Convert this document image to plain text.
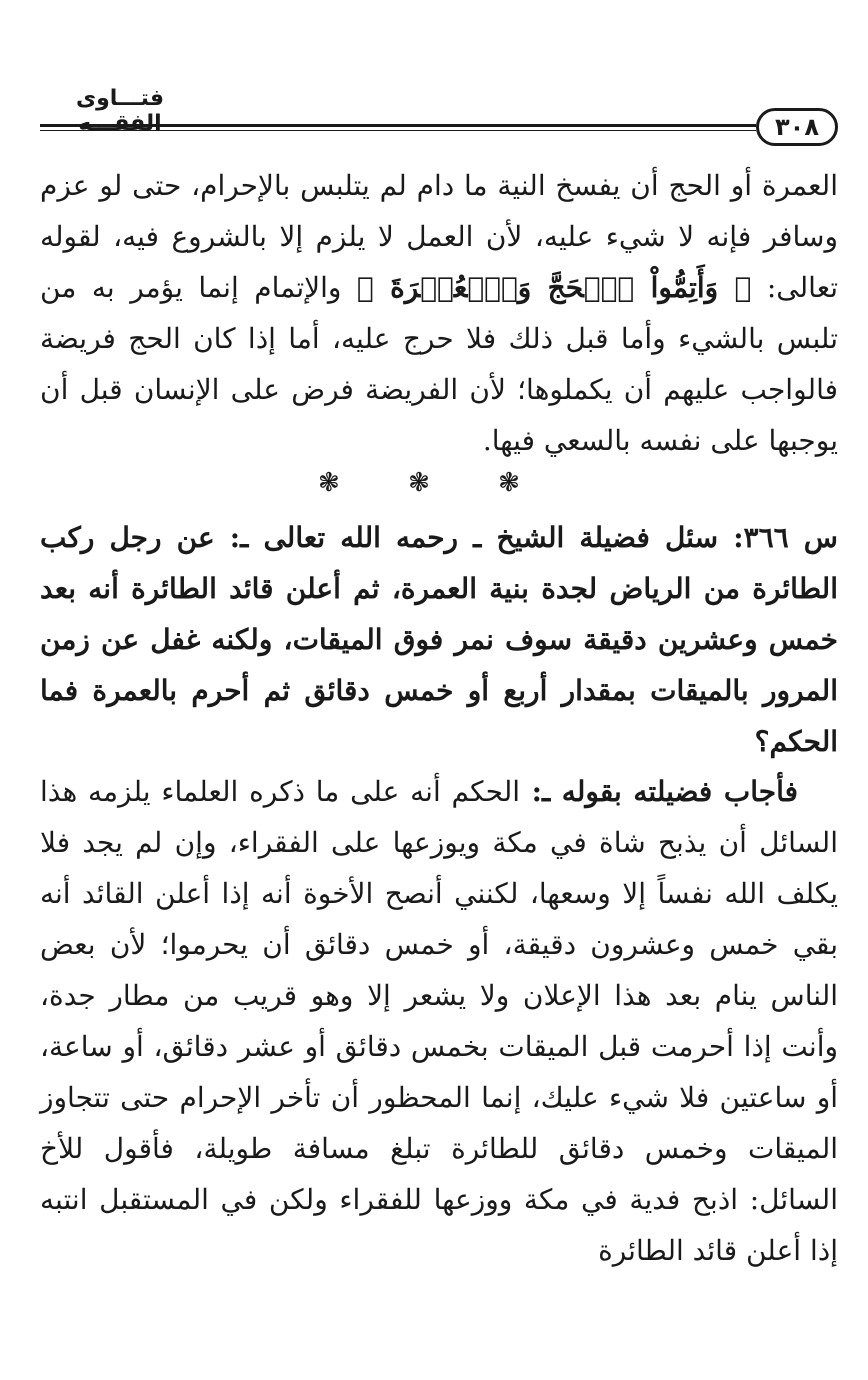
فتـــاوى الفقـــه	٣٠٨

العمرة أو الحج أن يفسخ النية ما دام لم يتلبس بالإحرام، حتى لو عزم وسافر فإنه لا شيء عليه، لأن العمل لا يلزم إلا بالشروع فيه، لقوله تعالى: ﴿ وَأَتِمُّواْ ٱلۡحَجَّ وَٱلۡعُمۡرَةَ ﴾ والإتمام إنما يؤمر به من تلبس بالشيء وأما قبل ذلك فلا حرج عليه، أما إذا كان الحج فريضة فالواجب عليهم أن يكملوها؛ لأن الفريضة فرض على الإنسان قبل أن يوجبها على نفسه بالسعي فيها.

❃ ❃ ❃

س ٣٦٦: سئل فضيلة الشيخ ـ رحمه الله تعالى ـ: عن رجل ركب الطائرة من الرياض لجدة بنية العمرة، ثم أعلن قائد الطائرة أنه بعد خمس وعشرين دقيقة سوف نمر فوق الميقات، ولكنه غفل عن زمن المرور بالميقات بمقدار أربع أو خمس دقائق ثم أحرم بالعمرة فما الحكم؟

فأجاب فضيلته بقوله ـ: الحكم أنه على ما ذكره العلماء يلزمه هذا السائل أن يذبح شاة في مكة ويوزعها على الفقراء، وإن لم يجد فلا يكلف الله نفساً إلا وسعها، لكنني أنصح الأخوة أنه إذا أعلن القائد أنه بقي خمس وعشرون دقيقة، أو خمس دقائق أن يحرموا؛ لأن بعض الناس ينام بعد هذا الإعلان ولا يشعر إلا وهو قريب من مطار جدة، وأنت إذا أحرمت قبل الميقات بخمس دقائق أو عشر دقائق، أو ساعة، أو ساعتين فلا شيء عليك، إنما المحظور أن تأخر الإحرام حتى تتجاوز الميقات وخمس دقائق للطائرة تبلغ مسافة طويلة، فأقول للأخ السائل: اذبح فدية في مكة ووزعها للفقراء ولكن في المستقبل انتبه إذا أعلن قائد الطائرة
